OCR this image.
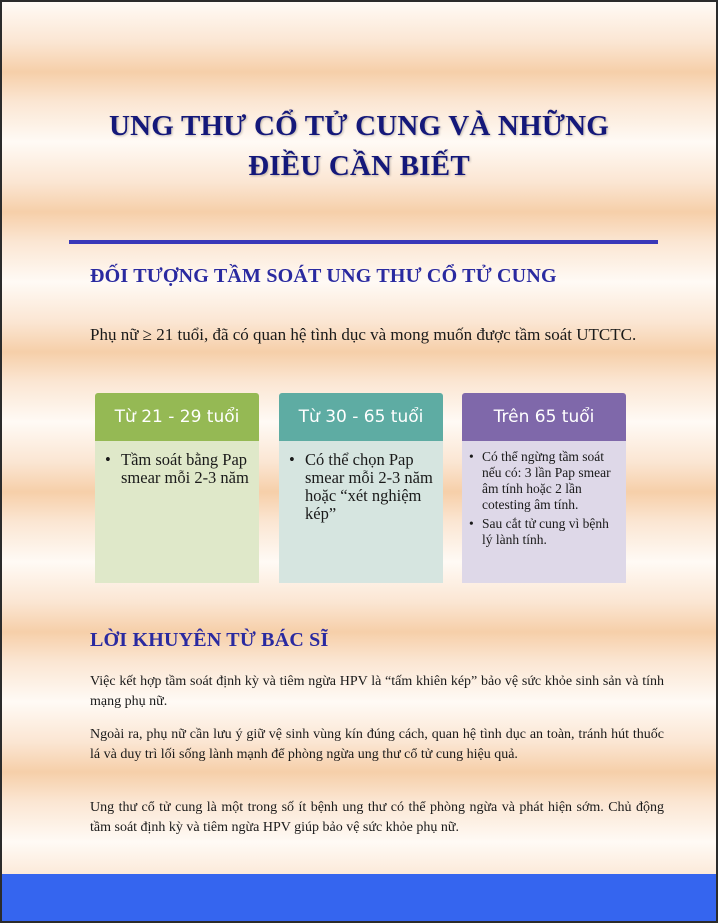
UNG THƯ CỔ TỬ CUNG VÀ NHỮNG
ĐIỀU CẦN BIẾT
ĐỐI TƯỢNG TẦM SOÁT UNG THƯ CỔ TỬ CUNG
Phụ nữ ≥ 21 tuổi, đã có quan hệ tình dục và mong muốn được tầm soát UTCTC.
Từ 21 - 29 tuổi
• Tầm soát bằng Pap smear mỗi 2-3 năm
Từ 30 - 65 tuổi
• Có thể chọn Pap smear mỗi 2-3 năm hoặc “xét nghiệm kép”
Trên 65 tuổi
• Có thể ngừng tầm soát nếu có: 3 lần Pap smear âm tính hoặc 2 lần cotesting âm tính.
• Sau cắt tử cung vì bệnh lý lành tính.
LỜI KHUYÊN TỪ BÁC SĨ
Việc kết hợp tầm soát định kỳ và tiêm ngừa HPV là “tấm khiên kép” bảo vệ sức khỏe sinh sản và tính mạng phụ nữ.
Ngoài ra, phụ nữ cần lưu ý giữ vệ sinh vùng kín đúng cách, quan hệ tình dục an toàn, tránh hút thuốc lá và duy trì lối sống lành mạnh để phòng ngừa ung thư cổ tử cung hiệu quả.
Ung thư cổ tử cung là một trong số ít bệnh ung thư có thể phòng ngừa và phát hiện sớm. Chủ động tầm soát định kỳ và tiêm ngừa HPV giúp bảo vệ sức khỏe phụ nữ.
